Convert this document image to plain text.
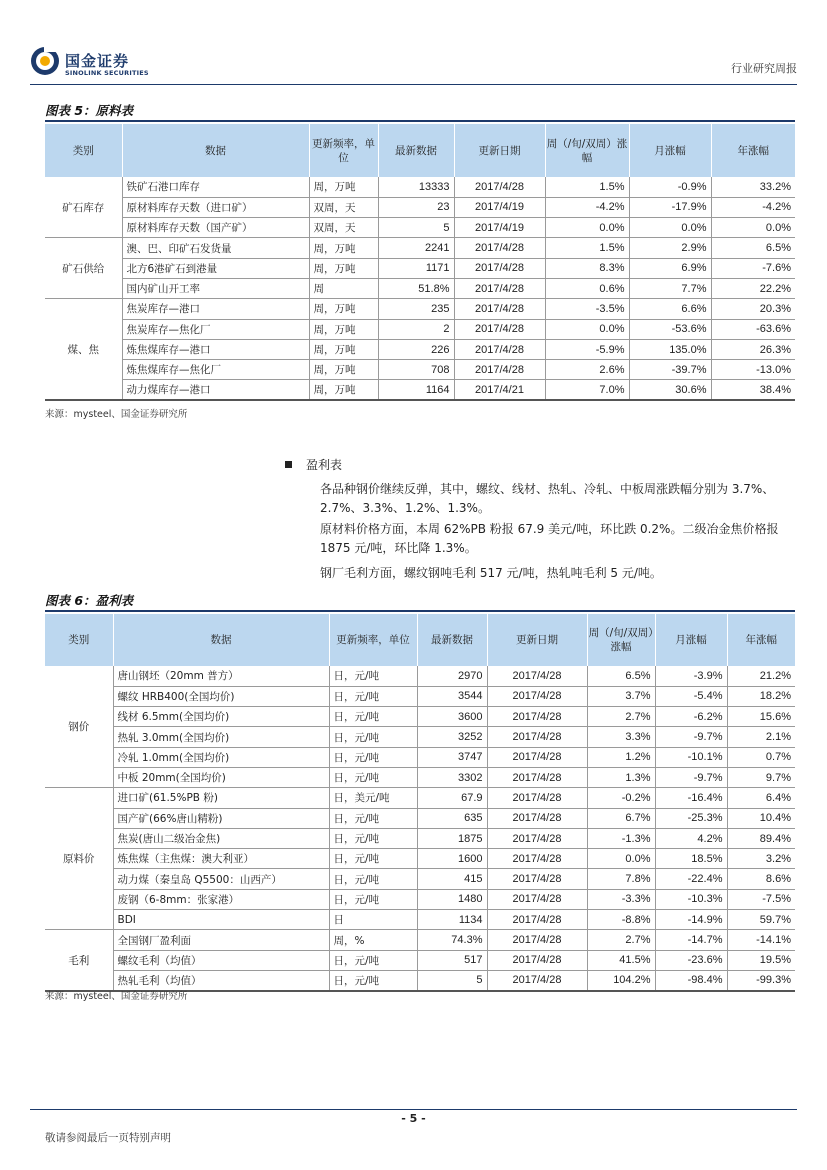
国金证券
SINOLINK SECURITIES	行业研究周报
图表 5：原料表
类别	数据	更新频率，单位	最新数据	更新日期	周（/旬/双周）涨幅	月涨幅	年涨幅
矿石库存	铁矿石港口库存	周，万吨	13333	2017/4/28	1.5%	-0.9%	33.2%
	原材料库存天数（进口矿）	双周，天	23	2017/4/19	-4.2%	-17.9%	-4.2%
	原材料库存天数（国产矿）	双周，天	5	2017/4/19	0.0%	0.0%	0.0%
矿石供给	澳、巴、印矿石发货量	周，万吨	2241	2017/4/28	1.5%	2.9%	6.5%
	北方6港矿石到港量	周，万吨	1171	2017/4/28	8.3%	6.9%	-7.6%
	国内矿山开工率	周	51.8%	2017/4/28	0.6%	7.7%	22.2%
煤、焦	焦炭库存—港口	周，万吨	235	2017/4/28	-3.5%	6.6%	20.3%
	焦炭库存—焦化厂	周，万吨	2	2017/4/28	0.0%	-53.6%	-63.6%
	炼焦煤库存—港口	周，万吨	226	2017/4/28	-5.9%	135.0%	26.3%
	炼焦煤库存—焦化厂	周，万吨	708	2017/4/28	2.6%	-39.7%	-13.0%
	动力煤库存—港口	周，万吨	1164	2017/4/21	7.0%	30.6%	38.4%
来源：mysteel、国金证券研究所
盈利表
各品种钢价继续反弹，其中，螺纹、线材、热轧、冷轧、中板周涨跌幅分别为 3.7%、2.7%、3.3%、1.2%、1.3%。
原材料价格方面，本周 62%PB 粉报 67.9 美元/吨，环比跌 0.2%。二级冶金焦价格报 1875 元/吨，环比降 1.3%。
钢厂毛利方面，螺纹钢吨毛利 517 元/吨，热轧吨毛利 5 元/吨。
图表 6：盈利表
类别	数据	更新频率，单位	最新数据	更新日期	周（/旬/双周）涨幅	月涨幅	年涨幅
钢价	唐山钢坯（20mm 普方）	日，元/吨	2970	2017/4/28	6.5%	-3.9%	21.2%
	螺纹 HRB400(全国均价)	日，元/吨	3544	2017/4/28	3.7%	-5.4%	18.2%
	线材 6.5mm(全国均价)	日，元/吨	3600	2017/4/28	2.7%	-6.2%	15.6%
	热轧 3.0mm(全国均价)	日，元/吨	3252	2017/4/28	3.3%	-9.7%	2.1%
	冷轧 1.0mm(全国均价)	日，元/吨	3747	2017/4/28	1.2%	-10.1%	0.7%
	中板 20mm(全国均价)	日，元/吨	3302	2017/4/28	1.3%	-9.7%	9.7%
原料价	进口矿(61.5%PB 粉)	日，美元/吨	67.9	2017/4/28	-0.2%	-16.4%	6.4%
	国产矿(66%唐山精粉)	日，元/吨	635	2017/4/28	6.7%	-25.3%	10.4%
	焦炭(唐山二级冶金焦)	日，元/吨	1875	2017/4/28	-1.3%	4.2%	89.4%
	炼焦煤（主焦煤：澳大利亚）	日，元/吨	1600	2017/4/28	0.0%	18.5%	3.2%
	动力煤（秦皇岛 Q5500：山西产）	日，元/吨	415	2017/4/28	7.8%	-22.4%	8.6%
	废钢（6-8mm：张家港）	日，元/吨	1480	2017/4/28	-3.3%	-10.3%	-7.5%
	BDI	日	1134	2017/4/28	-8.8%	-14.9%	59.7%
毛利	全国钢厂盈利面	周，%	74.3%	2017/4/28	2.7%	-14.7%	-14.1%
	螺纹毛利（均值）	日，元/吨	517	2017/4/28	41.5%	-23.6%	19.5%
	热轧毛利（均值）	日，元/吨	5	2017/4/28	104.2%	-98.4%	-99.3%
来源：mysteel、国金证券研究所
- 5 -
敬请参阅最后一页特别声明
